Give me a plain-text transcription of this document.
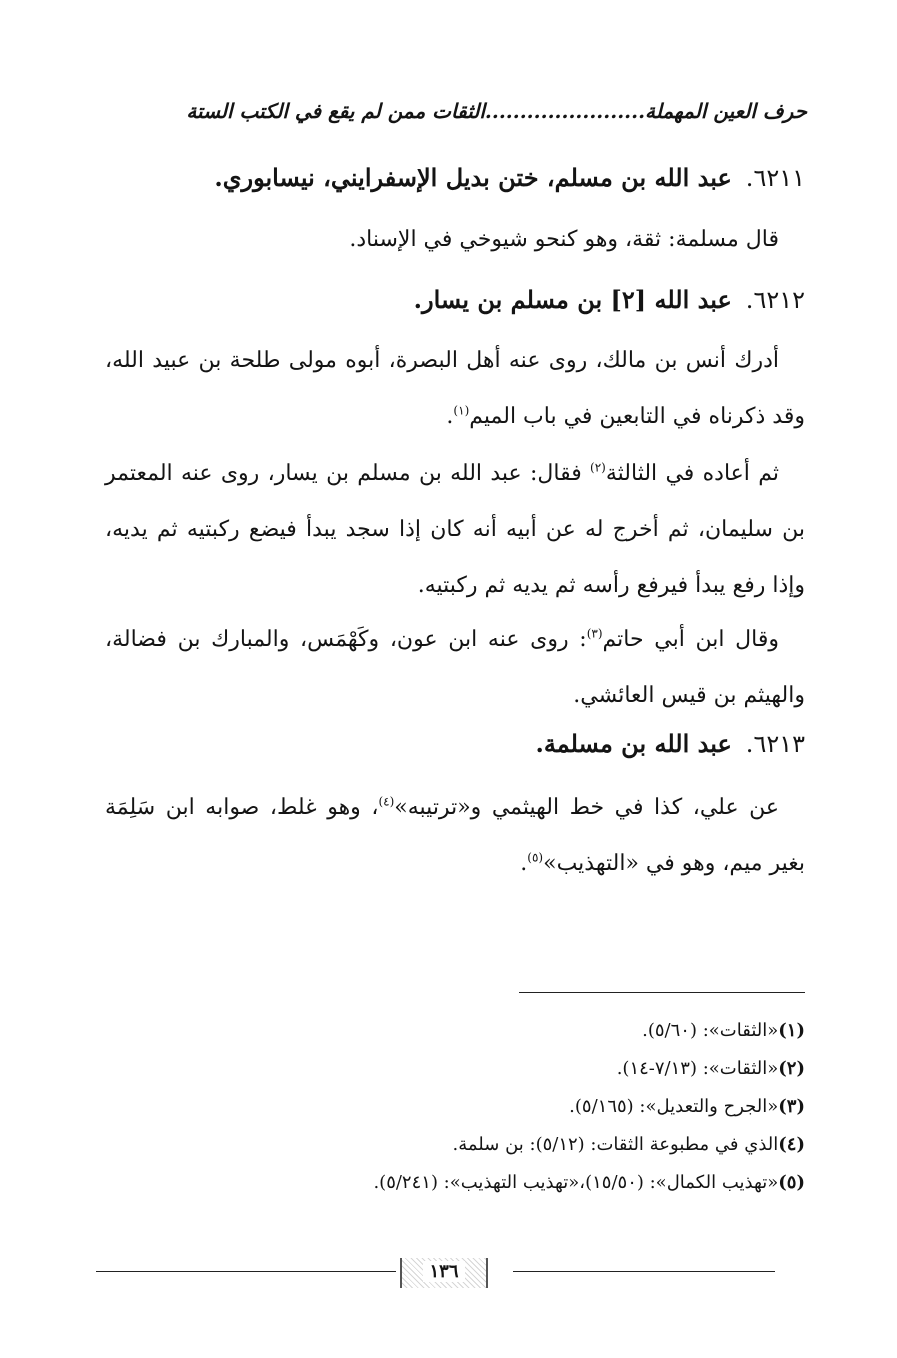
حرف العين المهملة.......................الثقات ممن لم يقع في الكتب الستة
٦٢١١.عبد الله بن مسلم، ختن بديل الإسفرايني، نيسابوري.
قال مسلمة: ثقة، وهو كنحو شيوخي في الإسناد.
٦٢١٢.عبد الله [٢] بن مسلم بن يسار.
أدرك أنس بن مالك، روى عنه أهل البصرة، أبوه مولى طلحة بن عبيد الله، وقد ذكرناه في التابعين في باب الميم$^{(١)}$.
ثم أعاده في الثالثة$^{(٢)}$ فقال: عبد الله بن مسلم بن يسار، روى عنه المعتمر بن سليمان، ثم أخرج له عن أبيه أنه كان إذا سجد يبدأ فيضع ركبتيه ثم يديه، وإذا رفع يبدأ فيرفع رأسه ثم يديه ثم ركبتيه.
وقال ابن أبي حاتم$^{(٣)}$: روى عنه ابن عون، وكَهْمَس، والمبارك بن فضالة، والهيثم بن قيس العائشي.
٦٢١٣.عبد الله بن مسلمة.
عن علي، كذا في خط الهيثمي و«ترتيبه»$^{(٤)}$، وهو غلط، صوابه ابن سَلِمَة بغير ميم، وهو في «التهذيب»$^{(٥)}$.
(١)«الثقات»: (٥/٦٠).
(٢)«الثقات»: (٧/١٣-١٤).
(٣)«الجرح والتعديل»: (٥/١٦٥).
(٤)الذي في مطبوعة الثقات: (٥/١٢): بن سلمة.
(٥)«تهذيب الكمال»: (١٥/٥٠)،«تهذيب التهذيب»: (٥/٢٤١).
١٣٦
